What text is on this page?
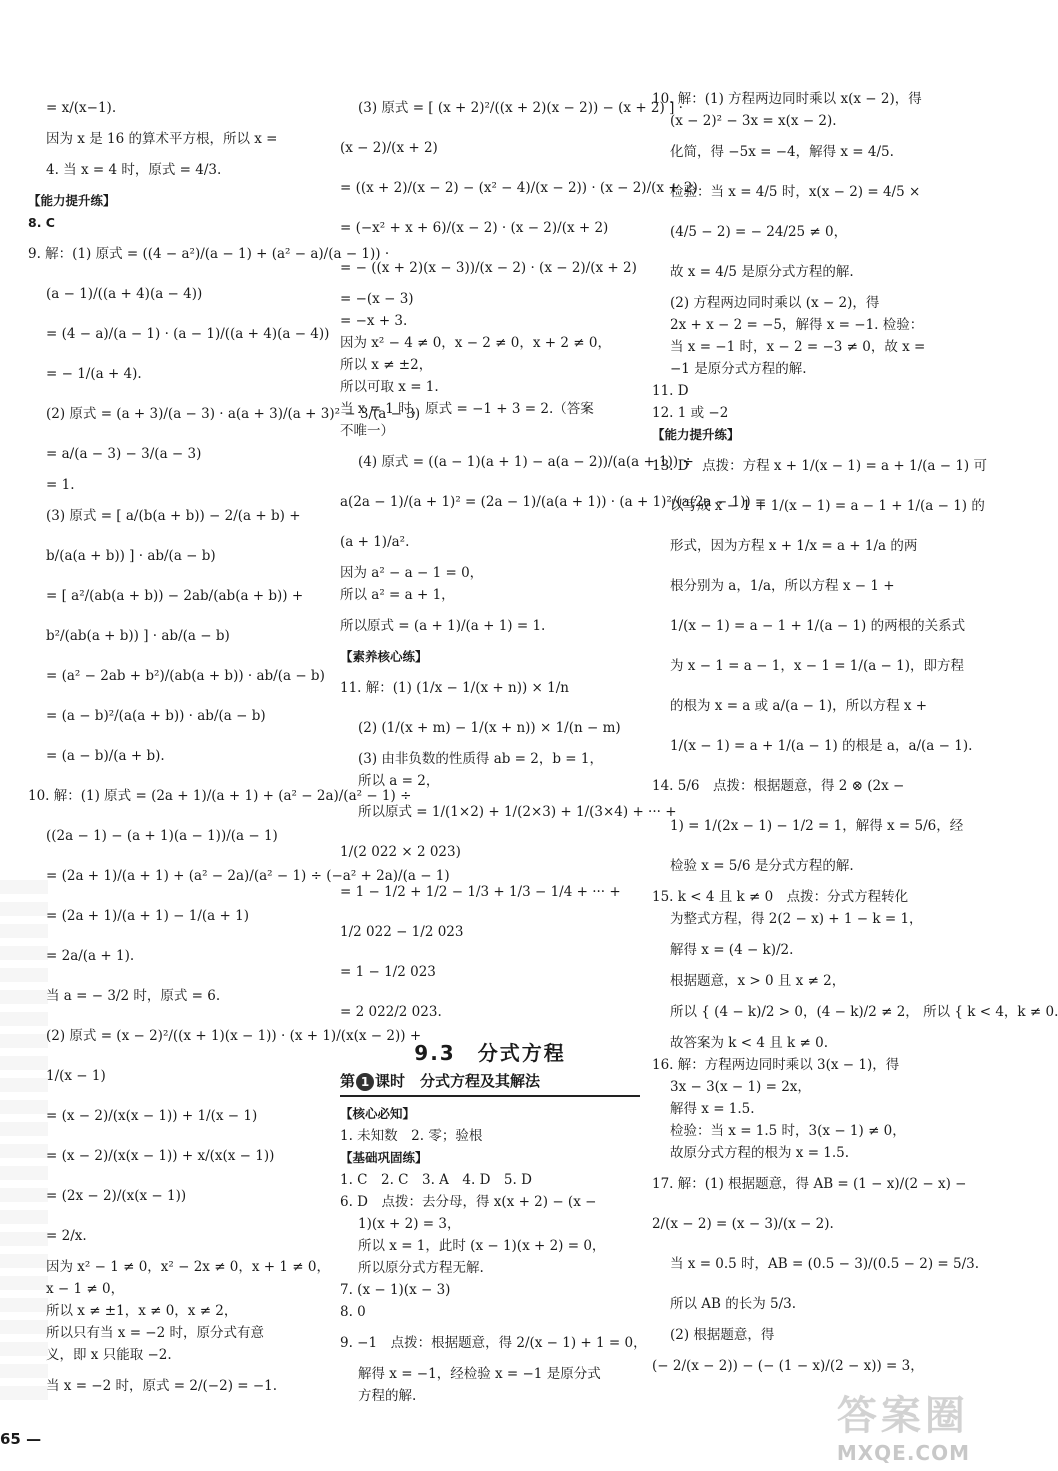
= x/(x−1).
因为 x 是 16 的算术平方根，所以 x =
4. 当 x = 4 时，原式 = 4/3.
【能力提升练】
8. C
9. 解：(1) 原式 = ((4 − a²)/(a − 1) + (a² − a)/(a − 1)) ·
(a − 1)/((a + 4)(a − 4))
= (4 − a)/(a − 1) · (a − 1)/((a + 4)(a − 4))
= − 1/(a + 4).
(2) 原式 = (a + 3)/(a − 3) · a(a + 3)/(a + 3)² − 3/(a − 3)
= a/(a − 3) − 3/(a − 3)
= 1.
(3) 原式 = [ a/(b(a + b)) − 2/(a + b) +
b/(a(a + b)) ] · ab/(a − b)
= [ a²/(ab(a + b)) − 2ab/(ab(a + b)) +
b²/(ab(a + b)) ] · ab/(a − b)
= (a² − 2ab + b²)/(ab(a + b)) · ab/(a − b)
= (a − b)²/(a(a + b)) · ab/(a − b)
= (a − b)/(a + b).
10. 解：(1) 原式 = (2a + 1)/(a + 1) + (a² − 2a)/(a² − 1) ÷
((2a − 1) − (a + 1)(a − 1))/(a − 1)
= (2a + 1)/(a + 1) + (a² − 2a)/(a² − 1) ÷ (−a² + 2a)/(a − 1)
= (2a + 1)/(a + 1) − 1/(a + 1)
= 2a/(a + 1).
当 a = − 3/2 时，原式 = 6.
(2) 原式 = (x − 2)²/((x + 1)(x − 1)) · (x + 1)/(x(x − 2)) +
1/(x − 1)
= (x − 2)/(x(x − 1)) + 1/(x − 1)
= (x − 2)/(x(x − 1)) + x/(x(x − 1))
= (2x − 2)/(x(x − 1))
= 2/x.
因为 x² − 1 ≠ 0，x² − 2x ≠ 0，x + 1 ≠ 0，
x − 1 ≠ 0，
所以 x ≠ ±1，x ≠ 0，x ≠ 2，
所以只有当 x = −2 时，原分式有意
义，即 x 只能取 −2.
当 x = −2 时，原式 = 2/(−2) = −1.
(3) 原式 = [ (x + 2)²/((x + 2)(x − 2)) − (x + 2) ] ·
(x − 2)/(x + 2)
= ((x + 2)/(x − 2) − (x² − 4)/(x − 2)) · (x − 2)/(x + 2)
= (−x² + x + 6)/(x − 2) · (x − 2)/(x + 2)
= − ((x + 2)(x − 3))/(x − 2) · (x − 2)/(x + 2)
= −(x − 3)
= −x + 3.
因为 x² − 4 ≠ 0，x − 2 ≠ 0，x + 2 ≠ 0，
所以 x ≠ ±2，
所以可取 x = 1.
当 x = 1 时，原式 = −1 + 3 = 2.（答案
不唯一）
(4) 原式 = ((a − 1)(a + 1) − a(a − 2))/(a(a + 1)) ÷
a(2a − 1)/(a + 1)² = (2a − 1)/(a(a + 1)) · (a + 1)²/(a(2a − 1)) =
(a + 1)/a².
因为 a² − a − 1 = 0，
所以 a² = a + 1，
所以原式 = (a + 1)/(a + 1) = 1.
【素养核心练】
11. 解：(1) (1/x − 1/(x + n)) × 1/n
(2) (1/(x + m) − 1/(x + n)) × 1/(n − m)
(3) 由非负数的性质得 ab = 2，b = 1，
所以 a = 2，
所以原式 = 1/(1×2) + 1/(2×3) + 1/(3×4) + ··· +
1/(2 022 × 2 023)
= 1 − 1/2 + 1/2 − 1/3 + 1/3 − 1/4 + ··· +
1/2 022 − 1/2 023
= 1 − 1/2 023
= 2 022/2 023.
9.3　分式方程
第 1 课时　分式方程及其解法
【核心必知】
1. 未知数　2. 零；验根
【基础巩固练】
1. C　2. C　3. A　4. D　5. D
6. D　点拨：去分母，得 x(x + 2) − (x −
1)(x + 2) = 3，
所以 x = 1，此时 (x − 1)(x + 2) = 0，
所以原分式方程无解.
7. (x − 1)(x − 3)
8. 0
9. −1　点拨：根据题意，得 2/(x − 1) + 1 = 0，
解得 x = −1，经检验 x = −1 是原分式
方程的解.
10. 解：(1) 方程两边同时乘以 x(x − 2)，得
(x − 2)² − 3x = x(x − 2).
化简，得 −5x = −4，解得 x = 4/5.
检验：当 x = 4/5 时，x(x − 2) = 4/5 ×
(4/5 − 2) = − 24/25 ≠ 0，
故 x = 4/5 是原分式方程的解.
(2) 方程两边同时乘以 (x − 2)，得
2x + x − 2 = −5，解得 x = −1. 检验：
当 x = −1 时，x − 2 = −3 ≠ 0，故 x =
−1 是原分式方程的解.
11. D
12. 1 或 −2
【能力提升练】
13. D　点拨：方程 x + 1/(x − 1) = a + 1/(a − 1) 可
以写成 x − 1 + 1/(x − 1) = a − 1 + 1/(a − 1) 的
形式，因为方程 x + 1/x = a + 1/a 的两
根分别为 a，1/a，所以方程 x − 1 +
1/(x − 1) = a − 1 + 1/(a − 1) 的两根的关系式
为 x − 1 = a − 1，x − 1 = 1/(a − 1)，即方程
的根为 x = a 或 a/(a − 1)，所以方程 x +
1/(x − 1) = a + 1/(a − 1) 的根是 a，a/(a − 1).
14. 5/6　点拨：根据题意，得 2 ⊗ (2x −
1) = 1/(2x − 1) − 1/2 = 1，解得 x = 5/6，经
检验 x = 5/6 是分式方程的解.
15. k < 4 且 k ≠ 0　点拨：分式方程转化
为整式方程，得 2(2 − x) + 1 − k = 1，
解得 x = (4 − k)/2.
根据题意，x > 0 且 x ≠ 2，
所以 { (4 − k)/2 > 0，(4 − k)/2 ≠ 2， 所以 { k < 4，k ≠ 0.
故答案为 k < 4 且 k ≠ 0.
16. 解：方程两边同时乘以 3(x − 1)，得
3x − 3(x − 1) = 2x，
解得 x = 1.5.
检验：当 x = 1.5 时，3(x − 1) ≠ 0，
故原分式方程的根为 x = 1.5.
17. 解：(1) 根据题意，得 AB = (1 − x)/(2 − x) −
2/(x − 2) = (x − 3)/(x − 2).
当 x = 0.5 时，AB = (0.5 − 3)/(0.5 − 2) = 5/3.
所以 AB 的长为 5/3.
(2) 根据题意，得
(− 2/(x − 2)) − (− (1 − x)/(2 − x)) = 3，
65 —	答案圈
MXQE.COM
